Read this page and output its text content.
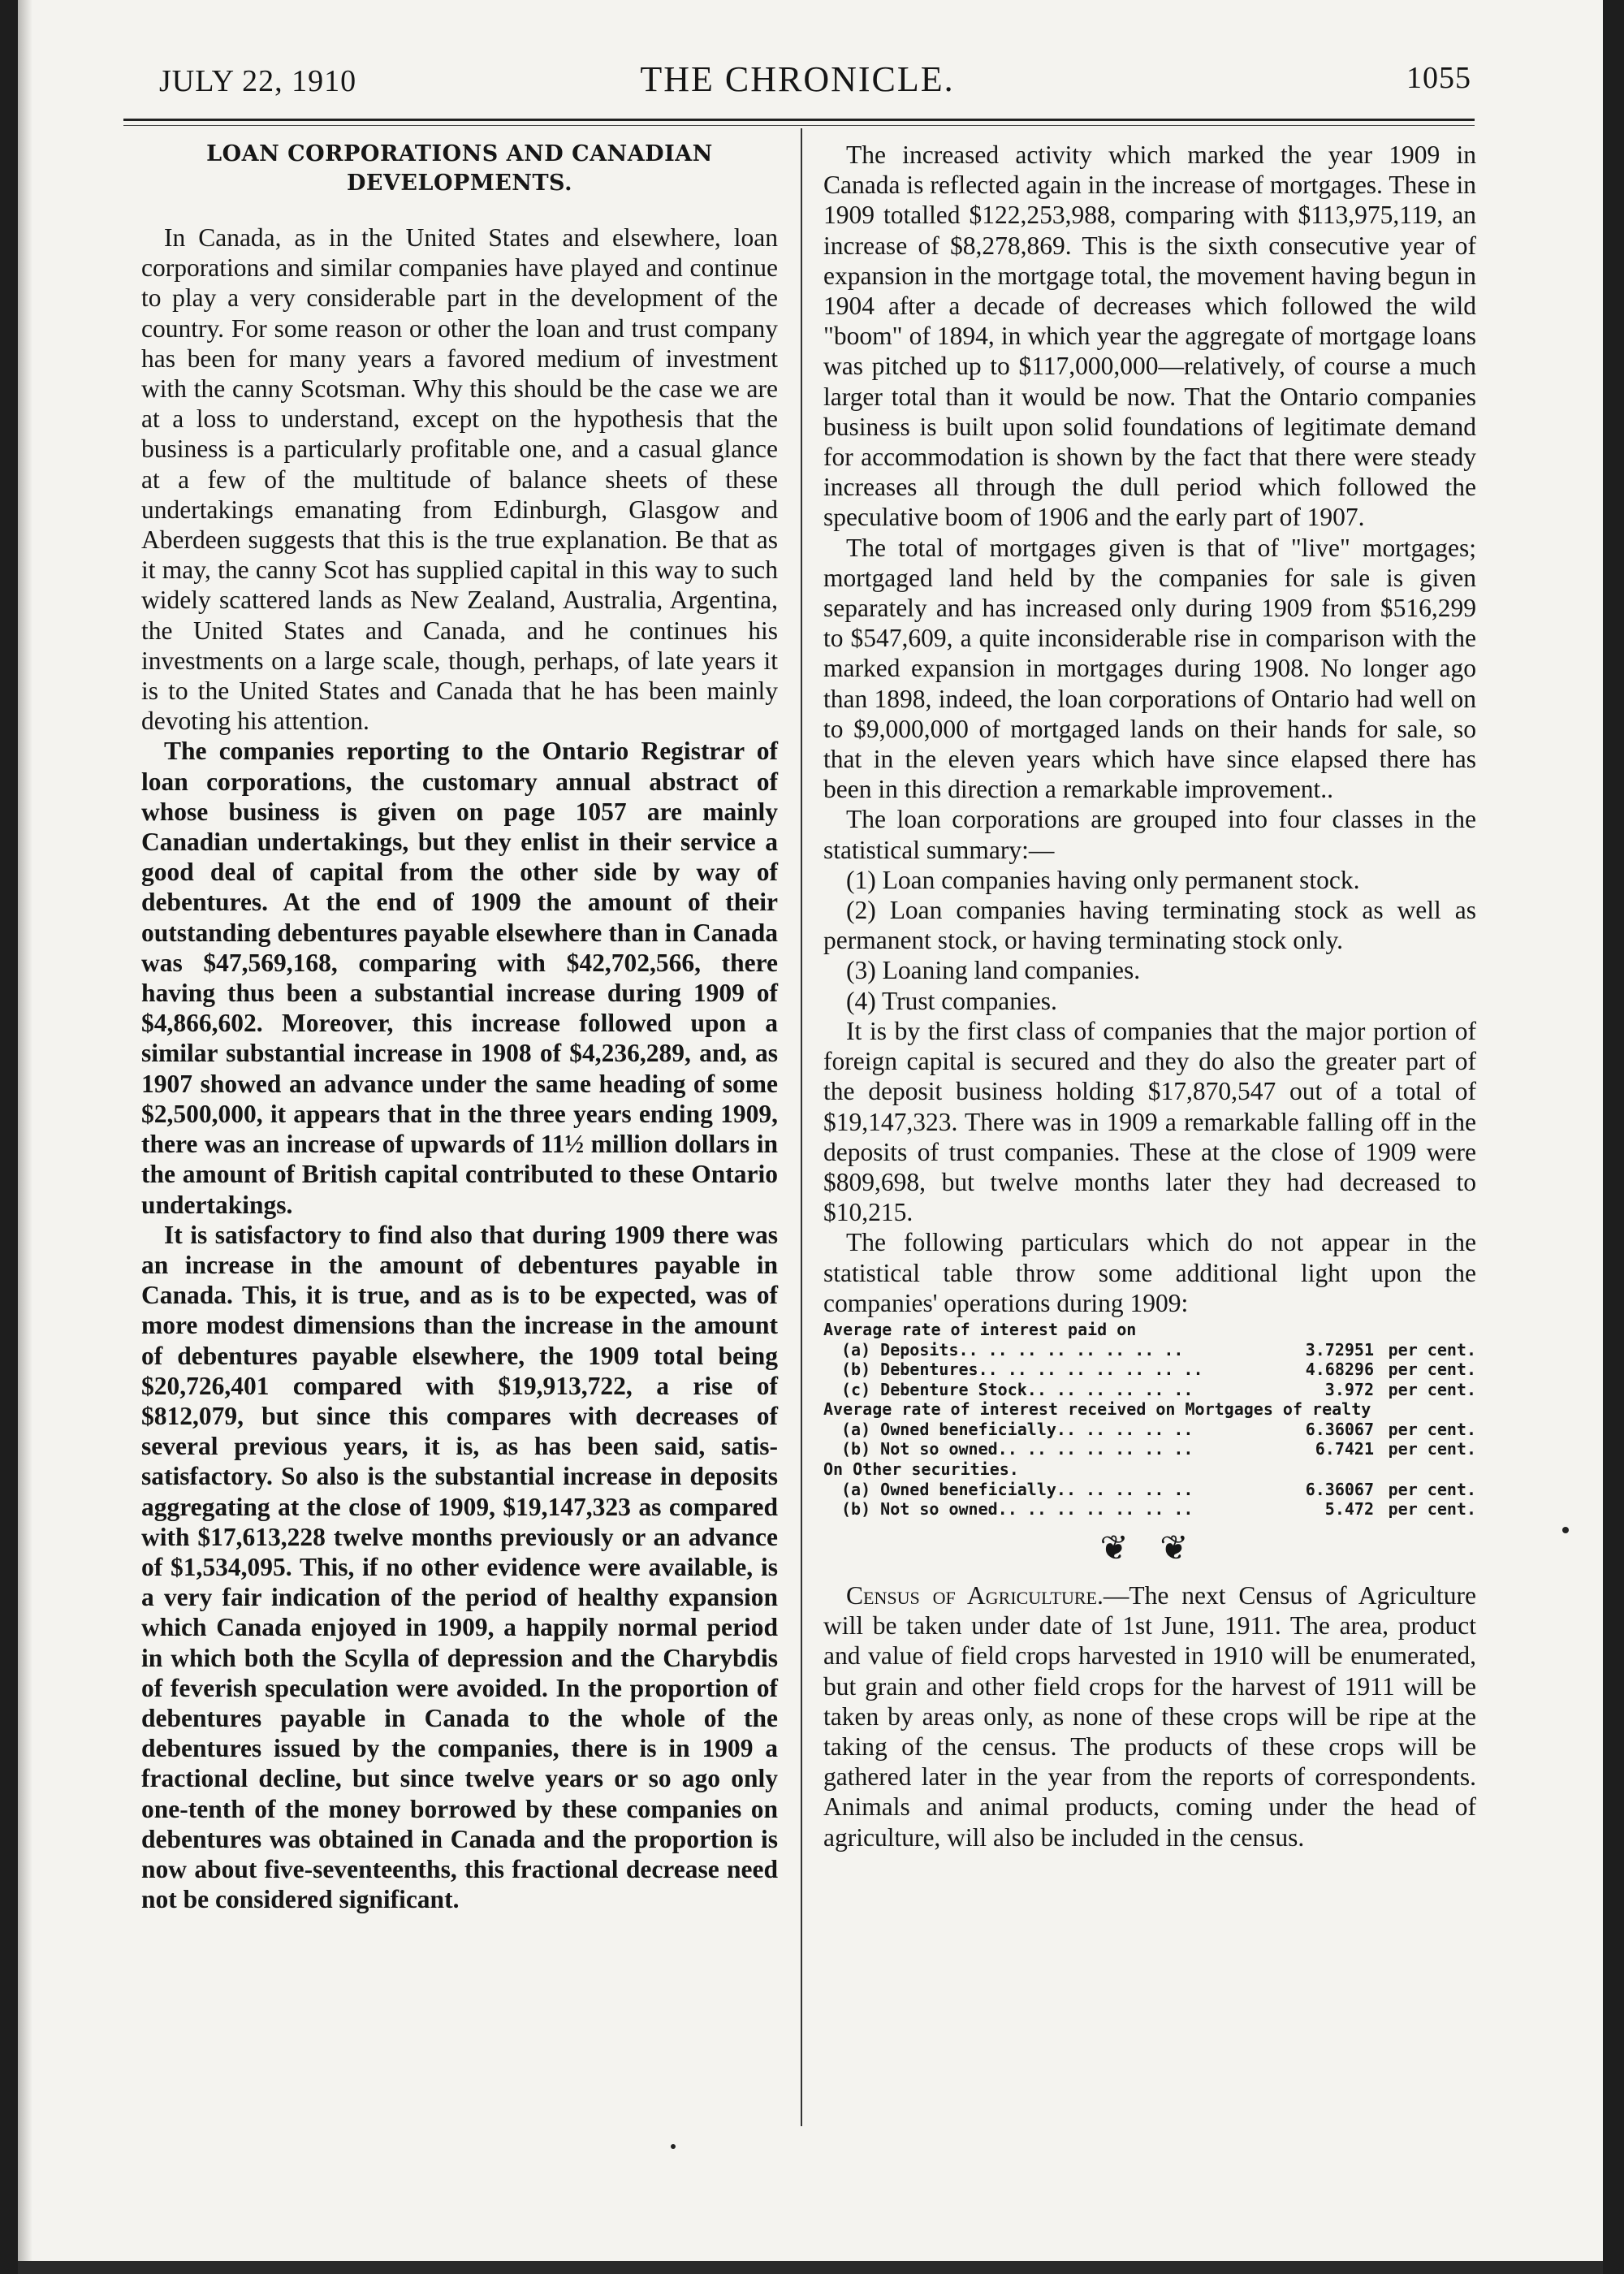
JULY 22, 1910	THE CHRONICLE.	1055
LOAN CORPORATIONS AND CANADIAN
DEVELOPMENTS.

In Canada, as in the United States and elsewhere, loan corporations and similar companies have played and continue to play a very considerable part in the development of the country. For some reason or other the loan and trust company has been for many years a favored medium of investment with the canny Scotsman. Why this should be the case we are at a loss to understand, except on the hypothesis that the business is a particularly profitable one, and a casual glance at a few of the multitude of balance sheets of these undertakings emanating from Edinburgh, Glasgow and Aberdeen suggests that this is the true explanation. Be that as it may, the canny Scot has supplied capital in this way to such widely scattered lands as New Zealand, Australia, Argentina, the United States and Canada, and he continues his investments on a large scale, though, perhaps, of late years it is to the United States and Canada that he has been mainly devoting his attention.

The companies reporting to the Ontario Registrar of loan corporations, the customary annual abstract of whose business is given on page 1057 are mainly Canadian undertakings, but they enlist in their service a good deal of capital from the other side by way of debentures. At the end of 1909 the amount of their outstanding debentures payable elsewhere than in Canada was $47,569,168, comparing with $42,702,566, there having thus been a substantial increase during 1909 of $4,866,602. Moreover, this increase followed upon a similar substantial increase in 1908 of $4,236,289, and, as 1907 showed an advance under the same heading of some $2,500,000, it appears that in the three years ending 1909, there was an increase of upwards of 11½ million dollars in the amount of British capital contributed to these Ontario undertakings.

It is satisfactory to find also that during 1909 there was an increase in the amount of debentures payable in Canada. This, it is true, and as is to be expected, was of more modest dimensions than the increase in the amount of debentures payable elsewhere, the 1909 total being $20,726,401 compared with $19,913,722, a rise of $812,079, but since this compares with decreases of several previous years, it is, as has been said, satis-satisfactory. So also is the substantial increase in deposits aggregating at the close of 1909, $19,147,323 as compared with $17,613,228 twelve months previously or an advance of $1,534,095. This, if no other evidence were available, is a very fair indication of the period of healthy expansion which Canada enjoyed in 1909, a happily normal period in which both the Scylla of depression and the Charybdis of feverish speculation were avoided. In the proportion of debentures payable in Canada to the whole of the debentures issued by the companies, there is in 1909 a fractional decline, but since twelve years or so ago only one-tenth of the money borrowed by these companies on debentures was obtained in Canada and the proportion is now about five-seventeenths, this fractional decrease need not be considered significant.

The increased activity which marked the year 1909 in Canada is reflected again in the increase of mortgages. These in 1909 totalled $122,253,988, comparing with $113,975,119, an increase of $8,278,869. This is the sixth consecutive year of expansion in the mortgage total, the movement having begun in 1904 after a decade of decreases which followed the wild "boom" of 1894, in which year the aggregate of mortgage loans was pitched up to $117,000,000—relatively, of course a much larger total than it would be now. That the Ontario companies business is built upon solid foundations of legitimate demand for accommodation is shown by the fact that there were steady increases all through the dull period which followed the speculative boom of 1906 and the early part of 1907.

The total of mortgages given is that of "live" mortgages; mortgaged land held by the companies for sale is given separately and has increased only during 1909 from $516,299 to $547,609, a quite inconsiderable rise in comparison with the marked expansion in mortgages during 1908. No longer ago than 1898, indeed, the loan corporations of Ontario had well on to $9,000,000 of mortgaged lands on their hands for sale, so that in the eleven years which have since elapsed there has been in this direction a remarkable improvement..

The loan corporations are grouped into four classes in the statistical summary:—

(1) Loan companies having only permanent stock.

(2) Loan companies having terminating stock as well as permanent stock, or having terminating stock only.

(3) Loaning land companies.

(4) Trust companies.

It is by the first class of companies that the major portion of foreign capital is secured and they do also the greater part of the deposit business holding $17,870,547 out of a total of $19,147,323. There was in 1909 a remarkable falling off in the deposits of trust companies. These at the close of 1909 were $809,698, but twelve months later they had decreased to $10,215.

The following particulars which do not appear in the statistical table throw some additional light upon the companies' operations during 1909:

Average rate of interest paid on
(a) Deposits.. .. .. .. .. .. .. ..	3.72951 per cent.
(b) Debentures.. .. .. .. .. .. .. ..	4.68296 per cent.
(c) Debenture Stock.. .. .. .. .. ..	3.972 per cent.
Average rate of interest received on Mortgages of realty
(a) Owned beneficially.. .. .. .. ..	6.36067 per cent.
(b) Not so owned.. .. .. .. .. .. ..	6.7421 per cent.
On Other securities.
(a) Owned beneficially.. .. .. .. ..	6.36067 per cent.
(b) Not so owned.. .. .. .. .. .. ..	5.472 per cent.
❦ ❦

Census of Agriculture.—The next Census of Agriculture will be taken under date of 1st June, 1911. The area, product and value of field crops harvested in 1910 will be enumerated, but grain and other field crops for the harvest of 1911 will be taken by areas only, as none of these crops will be ripe at the taking of the census. The products of these crops will be gathered later in the year from the reports of correspondents. Animals and animal products, coming under the head of agriculture, will also be included in the census.
